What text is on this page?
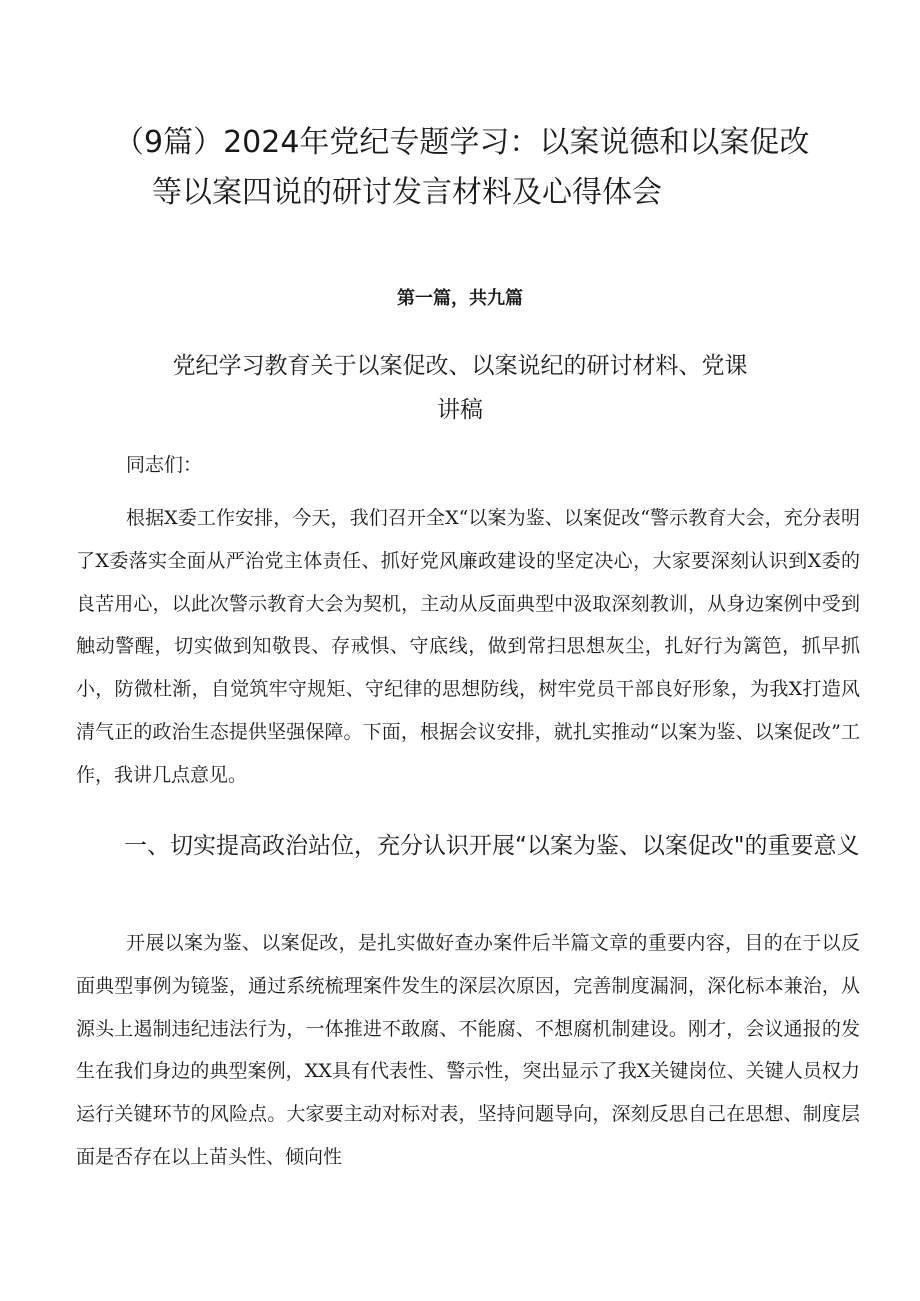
（9篇）2024年党纪专题学习：以案说德和以案促改
等以案四说的研讨发言材料及心得体会

第一篇，共九篇

党纪学习教育关于以案促改、以案说纪的研讨材料、党课
讲稿

同志们：

根据X委工作安排，今天，我们召开全X“以案为鉴、以案促改“警示教育大会，充分表明了X委落实全面从严治党主体责任、抓好党风廉政建设的坚定决心，大家要深刻认识到X委的良苦用心，以此次警示教育大会为契机，主动从反面典型中汲取深刻教训，从身边案例中受到触动警醒，切实做到知敬畏、存戒惧、守底线，做到常扫思想灰尘，扎好行为篱笆，抓早抓小，防微杜渐，自觉筑牢守规矩、守纪律的思想防线，树牢党员干部良好形象，为我X打造风清气正的政治生态提供坚强保障。下面，根据会议安排，就扎实推动“以案为鉴、以案促改”工作，我讲几点意见。

一、切实提高政治站位，充分认识开展“以案为鉴、以案促改"的重要意义

开展以案为鉴、以案促改，是扎实做好查办案件后半篇文章的重要内容，目的在于以反面典型事例为镜鉴，通过系统梳理案件发生的深层次原因，完善制度漏洞，深化标本兼治，从源头上遏制违纪违法行为，一体推进不敢腐、不能腐、不想腐机制建设。刚才，会议通报的发生在我们身边的典型案例，XX具有代表性、警示性，突出显示了我X关键岗位、关键人员权力运行关键环节的风险点。大家要主动对标对表，坚持问题导向，深刻反思自己在思想、制度层面是否存在以上苗头性、倾向性
